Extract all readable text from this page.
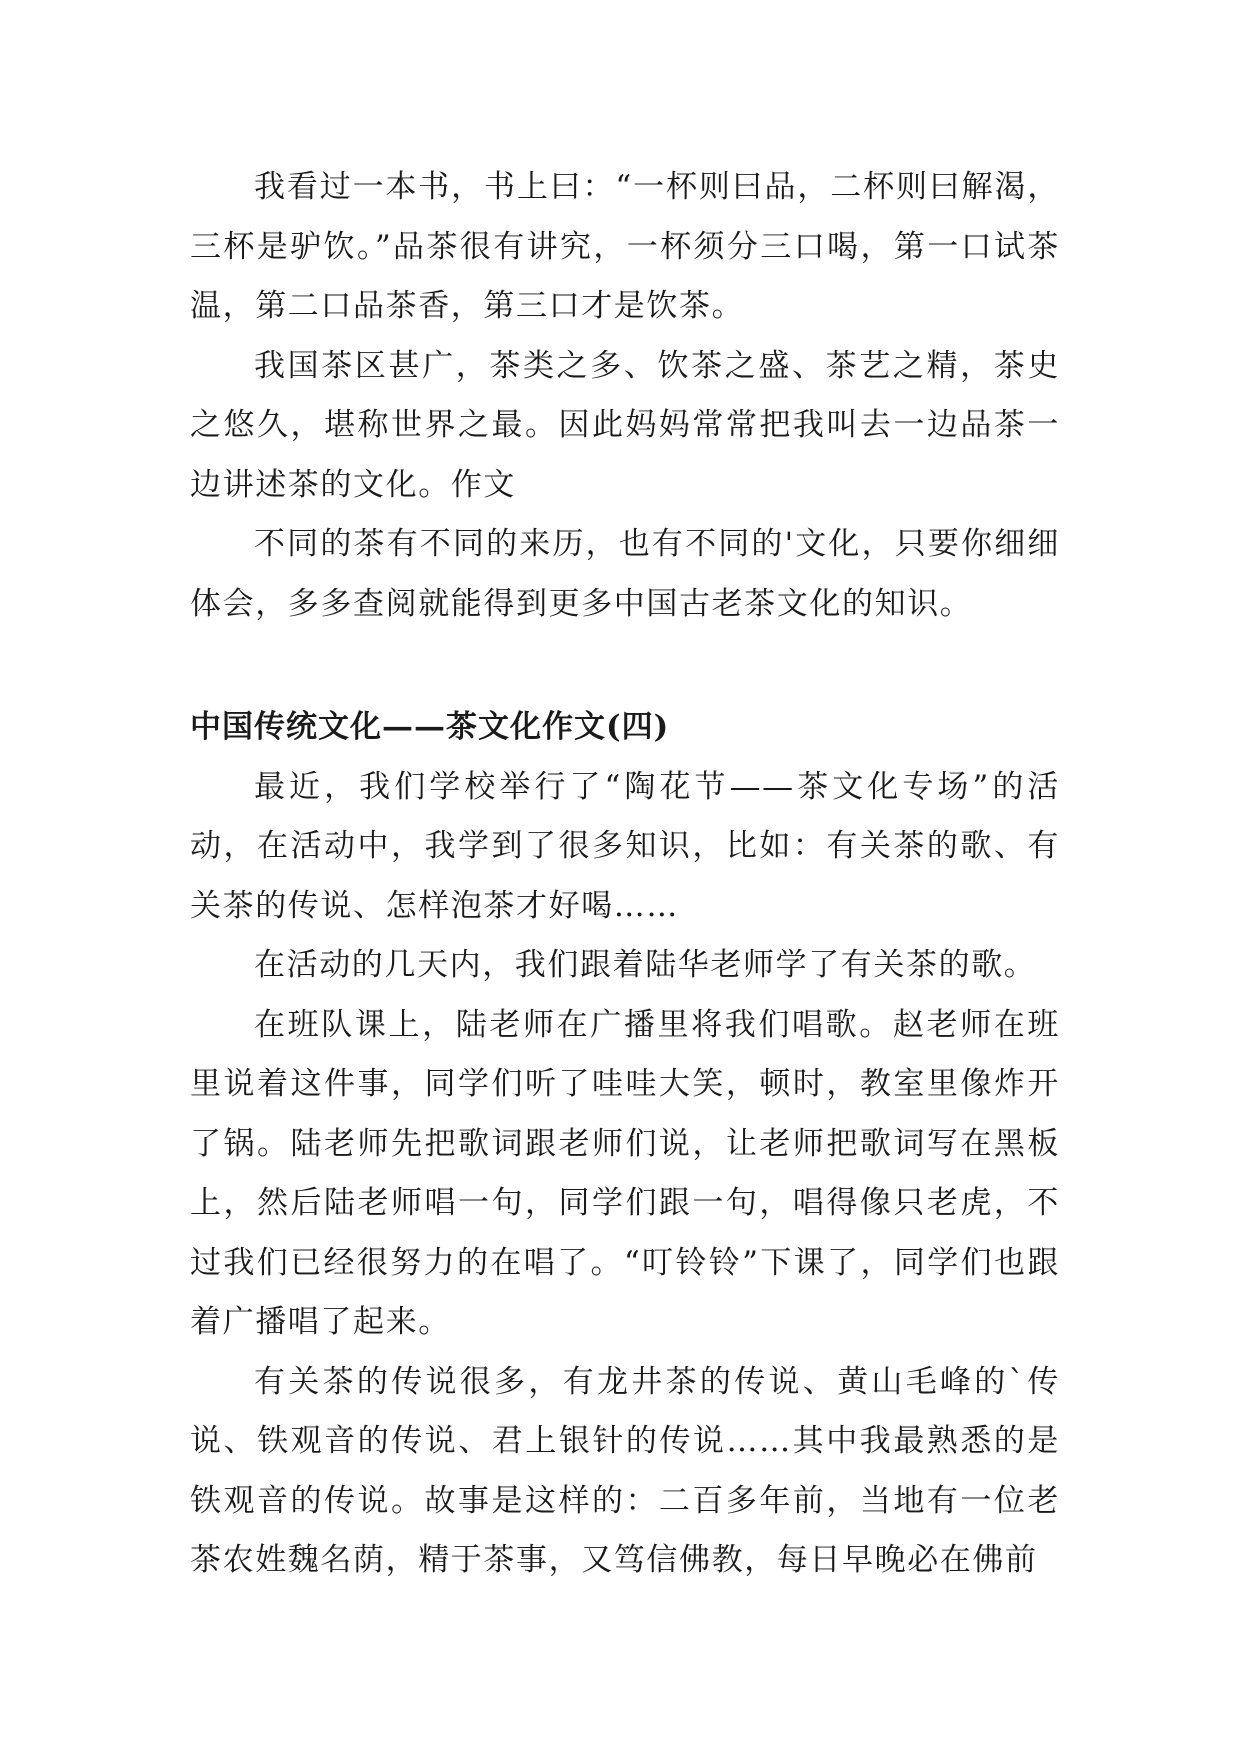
我看过一本书，书上曰：“一杯则曰品，二杯则曰解渴，三杯是驴饮。”品茶很有讲究，一杯须分三口喝，第一口试茶温，第二口品茶香，第三口才是饮茶。

我国茶区甚广，茶类之多、饮茶之盛、茶艺之精，茶史之悠久，堪称世界之最。因此妈妈常常把我叫去一边品茶一边讲述茶的文化。作文

不同的茶有不同的来历，也有不同的'文化，只要你细细体会，多多查阅就能得到更多中国古老茶文化的知识。

中国传统文化——茶文化作文(四)

最近，我们学校举行了“陶花节——茶文化专场”的活动，在活动中，我学到了很多知识，比如：有关茶的歌、有关茶的传说、怎样泡茶才好喝……

在活动的几天内，我们跟着陆华老师学了有关茶的歌。

在班队课上，陆老师在广播里将我们唱歌。赵老师在班里说着这件事，同学们听了哇哇大笑，顿时，教室里像炸开了锅。陆老师先把歌词跟老师们说，让老师把歌词写在黑板上，然后陆老师唱一句，同学们跟一句，唱得像只老虎，不过我们已经很努力的在唱了。“叮铃铃”下课了，同学们也跟着广播唱了起来。

有关茶的传说很多，有龙井茶的传说、黄山毛峰的`传说、铁观音的传说、君上银针的传说……其中我最熟悉的是铁观音的传说。故事是这样的：二百多年前，当地有一位老茶农姓魏名荫，精于茶事，又笃信佛教，每日早晚必在佛前
